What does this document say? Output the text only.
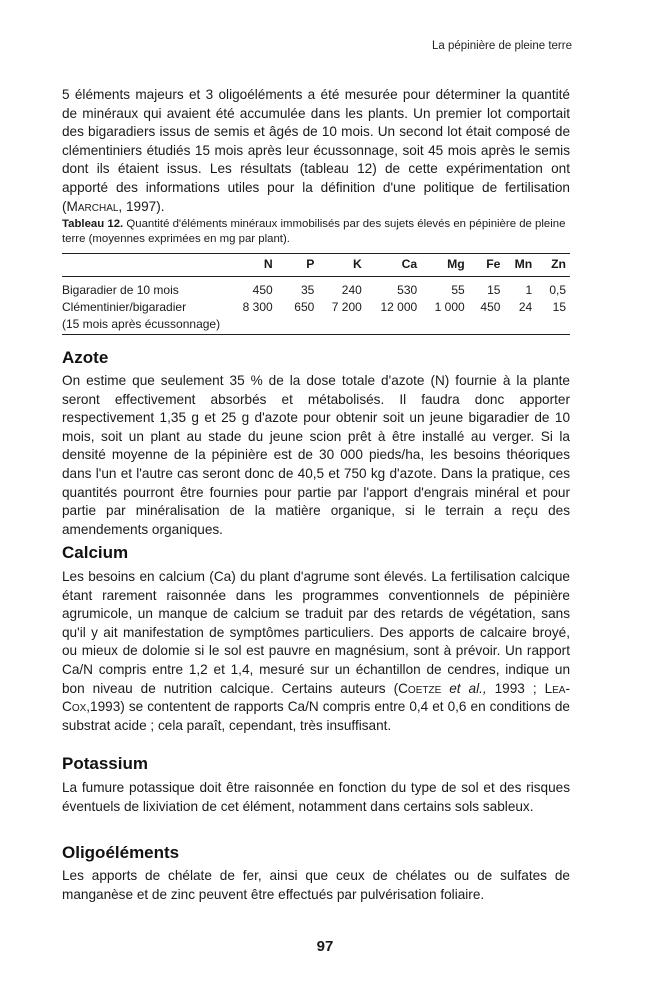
La pépinière de pleine terre

5 éléments majeurs et 3 oligoéléments a été mesurée pour déterminer la quantité de minéraux qui avaient été accumulée dans les plants. Un premier lot comportait des bigaradiers issus de semis et âgés de 10 mois. Un second lot était composé de clémentiniers étudiés 15 mois après leur écussonnage, soit 45 mois après le semis dont ils étaient issus. Les résultats (tableau 12) de cette expérimentation ont apporté des informations utiles pour la définition d'une politique de fertilisation (Marchal, 1997).

Tableau 12. Quantité d'éléments minéraux immobilisés par des sujets élevés en pépinière de pleine terre (moyennes exprimées en mg par plant).

	N	P	K	Ca	Mg	Fe	Mn	Zn
Bigaradier de 10 mois	450	35	240	530	55	15	1	0,5
Clémentinier/bigaradier	8 300	650	7 200	12 000	1 000	450	24	15
(15 mois après écussonnage)								
Azote

On estime que seulement 35 % de la dose totale d'azote (N) fournie à la plante seront effectivement absorbés et métabolisés. Il faudra donc apporter respectivement 1,35 g et 25 g d'azote pour obtenir soit un jeune bigaradier de 10 mois, soit un plant au stade du jeune scion prêt à être installé au verger. Si la densité moyenne de la pépinière est de 30 000 pieds/ha, les besoins théoriques dans l'un et l'autre cas seront donc de 40,5 et 750 kg d'azote. Dans la pratique, ces quantités pourront être fournies pour partie par l'apport d'engrais minéral et pour partie par minéralisation de la matière organique, si le terrain a reçu des amendements organiques.

Calcium

Les besoins en calcium (Ca) du plant d'agrume sont élevés. La fertilisation calcique étant rarement raisonnée dans les programmes conventionnels de pépinière agrumicole, un manque de calcium se traduit par des retards de végétation, sans qu'il y ait manifestation de symptômes particuliers. Des apports de calcaire broyé, ou mieux de dolomie si le sol est pauvre en magnésium, sont à prévoir. Un rapport Ca/N compris entre 1,2 et 1,4, mesuré sur un échantillon de cendres, indique un bon niveau de nutrition calcique. Certains auteurs (Coetze et al., 1993 ; Lea-Cox,1993) se contentent de rapports Ca/N compris entre 0,4 et 0,6 en conditions de substrat acide ; cela paraît, cependant, très insuffisant.

Potassium

La fumure potassique doit être raisonnée en fonction du type de sol et des risques éventuels de lixiviation de cet élément, notamment dans certains sols sableux.

Oligoéléments

Les apports de chélate de fer, ainsi que ceux de chélates ou de sulfates de manganèse et de zinc peuvent être effectués par pulvérisation foliaire.

97
